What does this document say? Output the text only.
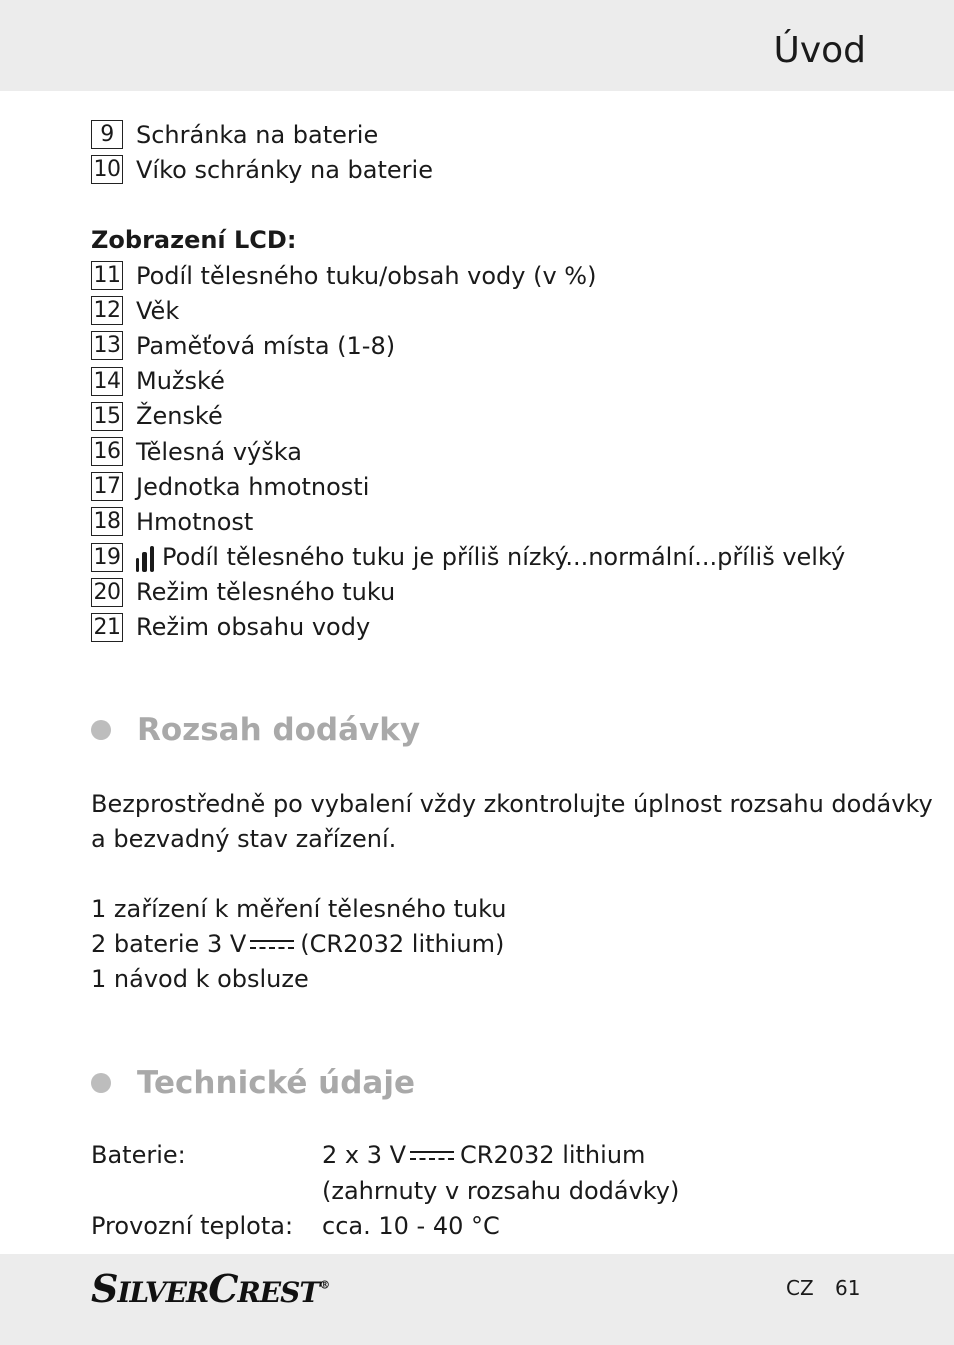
Úvod
9 Schránka na baterie
10 Víko schránky na baterie
Zobrazení LCD:
11 Podíl tělesného tuku/obsah vody (v %)
12 Věk
13 Paměťová místa (1-8)
14 Mužské
15 Ženské
16 Tělesná výška
17 Jednotka hmotnosti
18 Hmotnost
19 Podíl tělesného tuku je příliš nízký...normální...příliš velký
20 Režim tělesného tuku
21 Režim obsahu vody
Rozsah dodávky
Bezprostředně po vybalení vždy zkontrolujte úplnost rozsahu dodávky
a bezvadný stav zařízení.
1 zařízení k měření tělesného tuku
2 baterie 3 V (CR2032 lithium)
1 návod k obsluze
Technické údaje
Baterie:	2 x 3 V CR2032 lithium
(zahrnuty v rozsahu dodávky)
Provozní teplota: cca. 10 - 40 °C
SILVERCREST®	CZ 61
